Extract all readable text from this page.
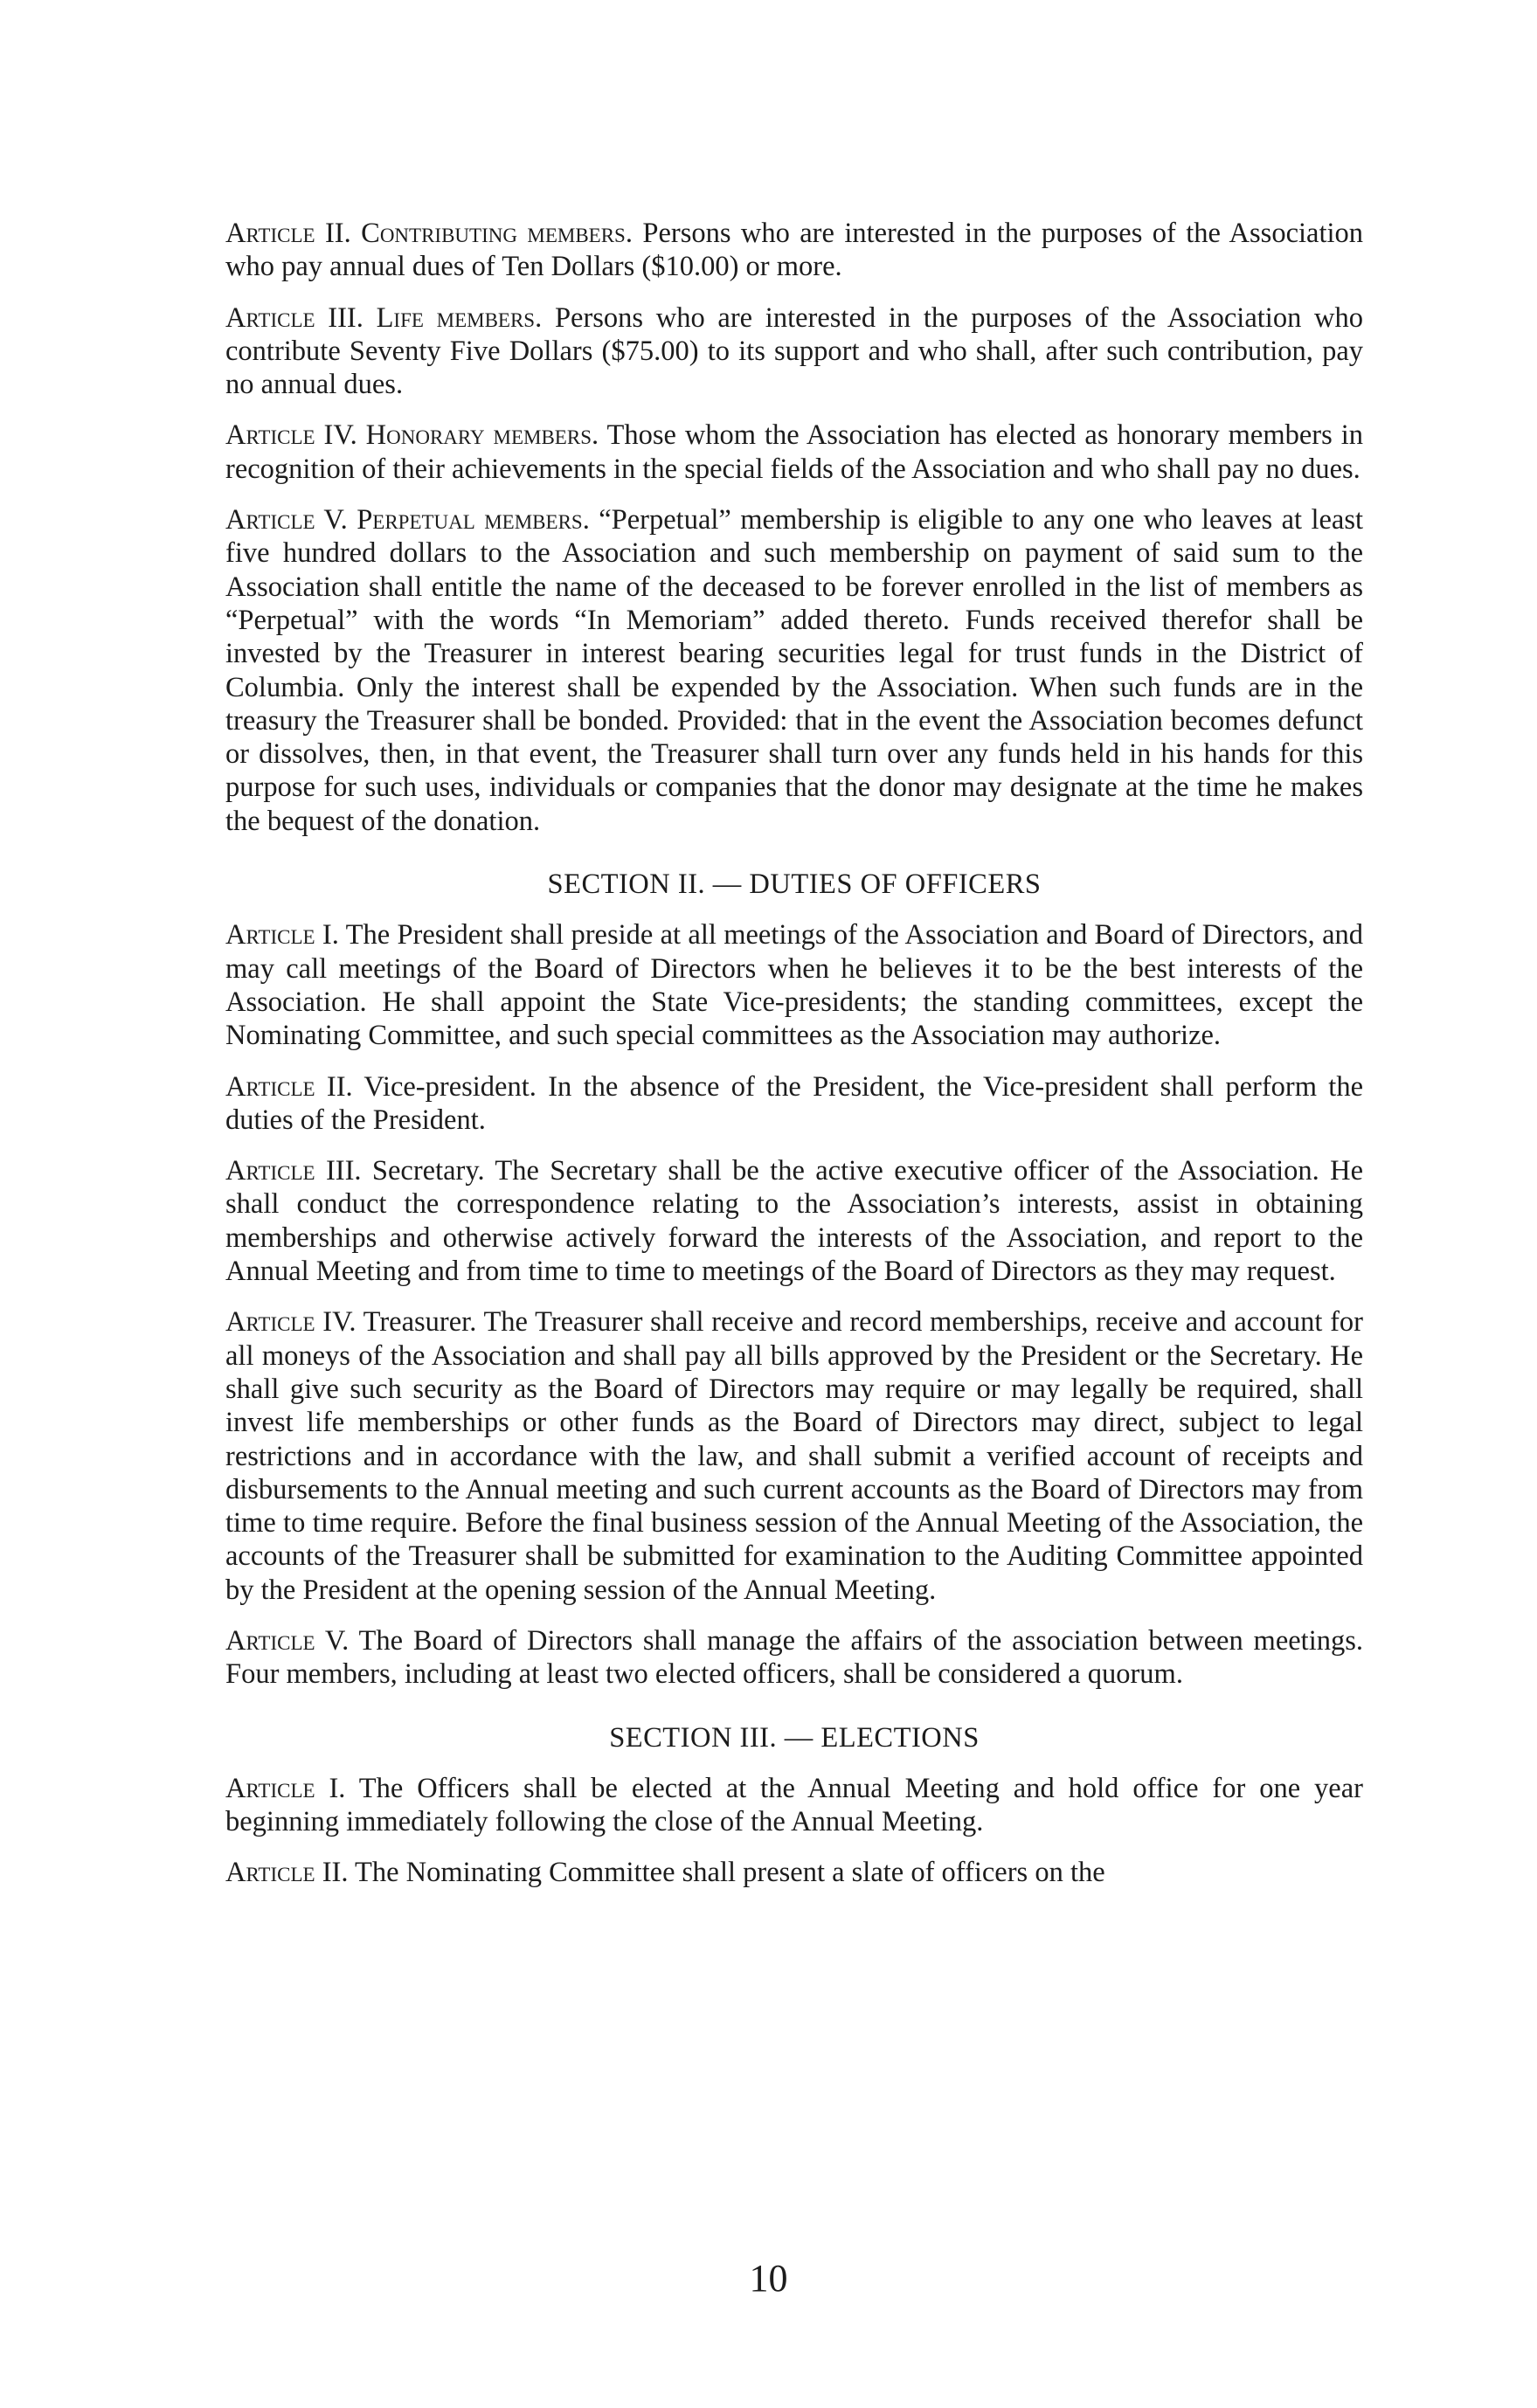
Article II. Contributing members. Persons who are interested in the purposes of the Association who pay annual dues of Ten Dollars ($10.00) or more.

Article III. Life members. Persons who are interested in the purposes of the Association who contribute Seventy Five Dollars ($75.00) to its support and who shall, after such contribution, pay no annual dues.

Article IV. Honorary members. Those whom the Association has elected as honorary members in recognition of their achievements in the special fields of the Association and who shall pay no dues.

Article V. Perpetual members. “Perpetual” membership is eligible to any one who leaves at least five hundred dollars to the Association and such membership on payment of said sum to the Association shall entitle the name of the deceased to be forever enrolled in the list of members as “Perpetual” with the words “In Memoriam” added thereto. Funds received therefor shall be invested by the Treasurer in interest bearing securities legal for trust funds in the District of Columbia. Only the interest shall be expended by the Association. When such funds are in the treasury the Treasurer shall be bonded. Provided: that in the event the Association becomes defunct or dissolves, then, in that event, the Treasurer shall turn over any funds held in his hands for this purpose for such uses, individuals or companies that the donor may designate at the time he makes the bequest of the donation.

SECTION II. — DUTIES OF OFFICERS

Article I. The President shall preside at all meetings of the Association and Board of Directors, and may call meetings of the Board of Directors when he believes it to be the best interests of the Association. He shall appoint the State Vice-presidents; the standing committees, except the Nominating Committee, and such special committees as the Association may authorize.

Article II. Vice-president. In the absence of the President, the Vice-president shall perform the duties of the President.

Article III. Secretary. The Secretary shall be the active executive officer of the Association. He shall conduct the correspondence relating to the Association’s interests, assist in obtaining memberships and otherwise actively forward the interests of the Association, and report to the Annual Meeting and from time to time to meetings of the Board of Directors as they may request.

Article IV. Treasurer. The Treasurer shall receive and record memberships, receive and account for all moneys of the Association and shall pay all bills approved by the President or the Secretary. He shall give such security as the Board of Directors may require or may legally be required, shall invest life memberships or other funds as the Board of Directors may direct, subject to legal restrictions and in accordance with the law, and shall submit a verified account of receipts and disbursements to the Annual meeting and such current accounts as the Board of Directors may from time to time require. Before the final business session of the Annual Meeting of the Association, the accounts of the Treasurer shall be submitted for examination to the Auditing Committee appointed by the President at the opening session of the Annual Meeting.

Article V. The Board of Directors shall manage the affairs of the association between meetings. Four members, including at least two elected officers, shall be considered a quorum.

SECTION III. — ELECTIONS

Article I. The Officers shall be elected at the Annual Meeting and hold office for one year beginning immediately following the close of the Annual Meeting.

Article II. The Nominating Committee shall present a slate of officers on the

10
